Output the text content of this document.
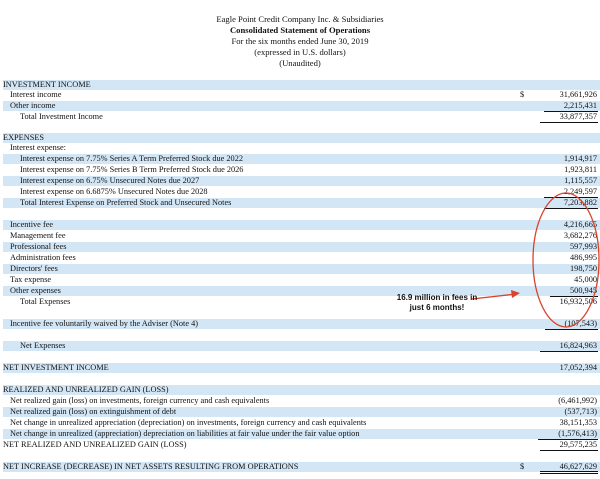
Eagle Point Credit Company Inc. & Subsidiaries
Consolidated Statement of Operations
For the six months ended June 30, 2019
(expressed in U.S. dollars)
(Unaudited)
INVESTMENT INCOME
Interest income	$	31,661,926
Other income	2,215,431
Total Investment Income	33,877,357
EXPENSES
Interest expense:
Interest expense on 7.75% Series A Term Preferred Stock due 2022	1,914,917
Interest expense on 7.75% Series B Term Preferred Stock due 2026	1,923,811
Interest expense on 6.75% Unsecured Notes due 2027	1,115,557
Interest expense on 6.6875% Unsecured Notes due 2028	2,249,597
Total Interest Expense on Preferred Stock and Unsecured Notes	7,203,882
Incentive fee	4,216,665
Management fee	3,682,276
Professional fees	597,993
Administration fees	486,995
Directors' fees	198,750
Tax expense	45,000
Other expenses	500,945
Total Expenses	16,932,506
Incentive fee voluntarily waived by the Adviser (Note 4)	(107,543)
Net Expenses	16,824,963
NET INVESTMENT INCOME	17,052,394
REALIZED AND UNREALIZED GAIN (LOSS)
Net realized gain (loss) on investments, foreign currency and cash equivalents	(6,461,992)
Net realized gain (loss) on extinguishment of debt	(537,713)
Net change in unrealized appreciation (depreciation) on investments, foreign currency and cash equivalents	38,151,353
Net change in unrealized (appreciation) depreciation on liabilities at fair value under the fair value option	(1,576,413)
NET REALIZED AND UNREALIZED GAIN (LOSS)	29,575,235
NET INCREASE (DECREASE) IN NET ASSETS RESULTING FROM OPERATIONS	$	46,627,629
16.9 million in fees in
just 6 months!
